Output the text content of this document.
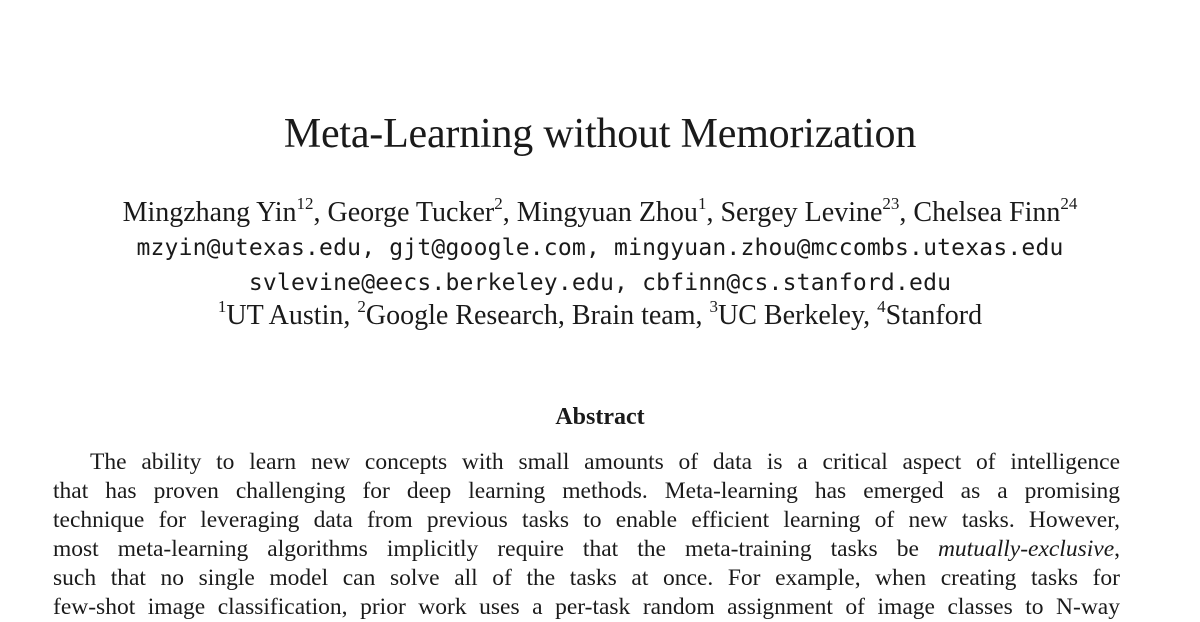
Meta-Learning without Memorization
Mingzhang Yin$^{12}$, George Tucker$^2$, Mingyuan Zhou$^1$, Sergey Levine$^{23}$, Chelsea Finn$^{24}$
mzyin@utexas.edu, gjt@google.com, mingyuan.zhou@mccombs.utexas.edu
svlevine@eecs.berkeley.edu, cbfinn@cs.stanford.edu
$^1$UT Austin, $^2$Google Research, Brain team, $^3$UC Berkeley, $^4$Stanford
Abstract
The ability to learn new concepts with small amounts of data is a critical aspect of intelligence
that has proven challenging for deep learning methods. Meta-learning has emerged as a promising
technique for leveraging data from previous tasks to enable efficient learning of new tasks. However,
most meta-learning algorithms implicitly require that the meta-training tasks be mutually-exclusive,
such that no single model can solve all of the tasks at once. For example, when creating tasks for
few-shot image classification, prior work uses a per-task random assignment of image classes to N-way
